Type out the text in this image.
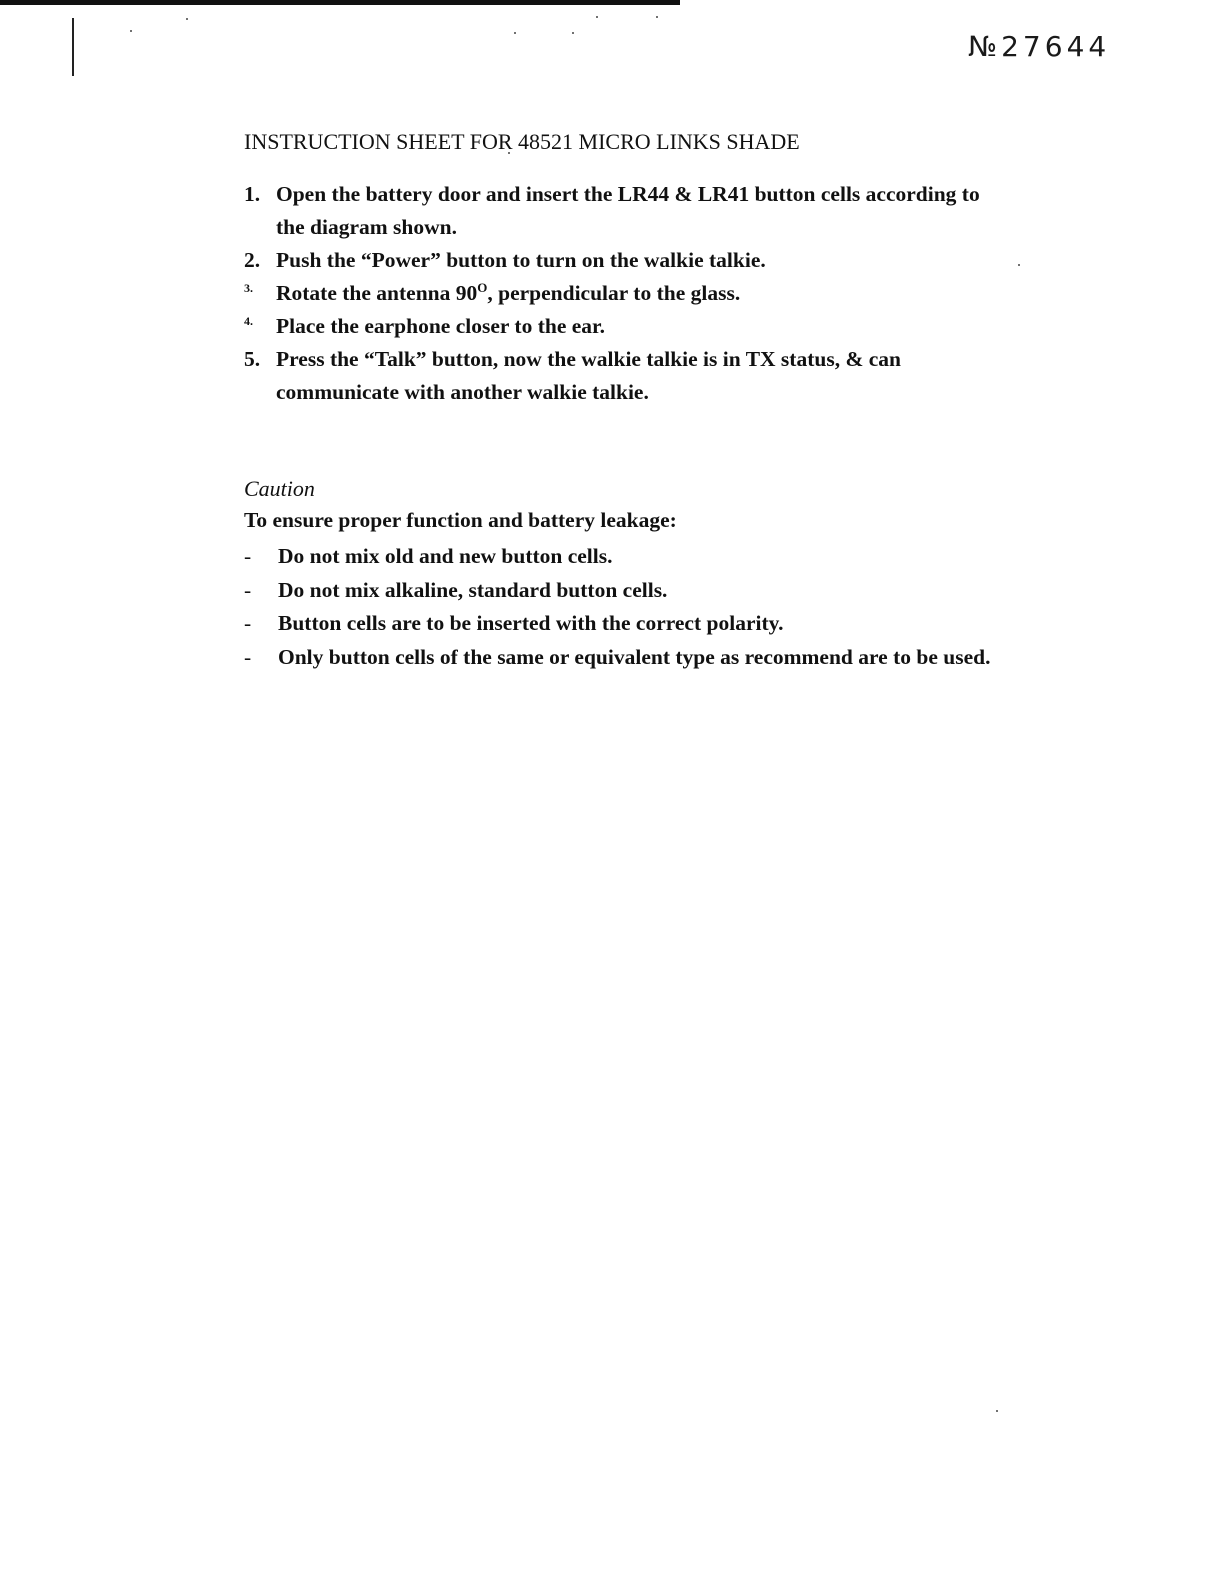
№27644
INSTRUCTION SHEET FOR 48521 MICRO LINKS SHADE
1. Open the battery door and insert the LR44 & LR41 button cells according to the diagram shown.
2. Push the “Power” button to turn on the walkie talkie.
3.	Rotate the antenna $90^O$, perpendicular to the glass.
4.	Place the earphone closer to the ear.
5. Press the “Talk” button, now the walkie talkie is in TX status, & can communicate with another walkie talkie.
Caution
To ensure proper function and battery leakage:
-	Do not mix old and new button cells.
-	Do not mix alkaline, standard button cells.
-	Button cells are to be inserted with the correct polarity.
-	Only button cells of the same or equivalent type as recommend are to be used.
